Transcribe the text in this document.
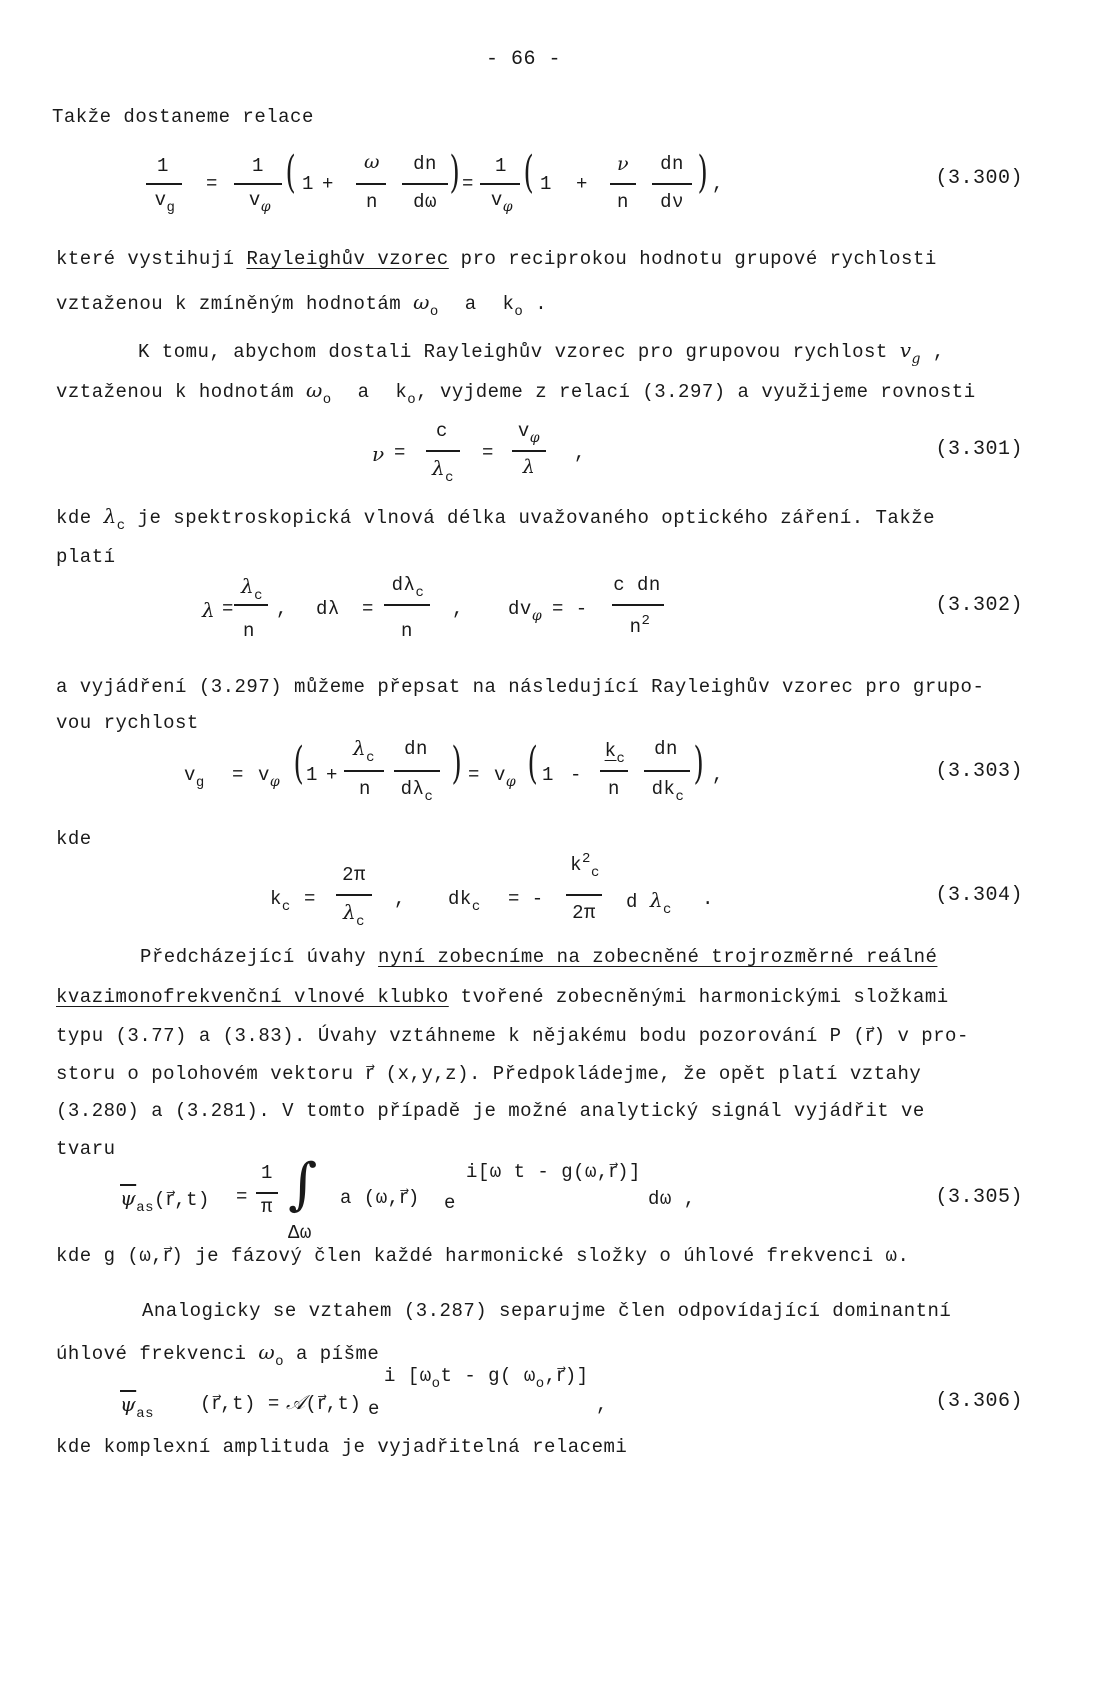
- 66 -
Takže dostaneme relace
1
$v_g$
=
1
$v_\varphi$
( 1 +
ω
n
dn
dω
) =
1
$v_\varphi$
( 1 +
ν
n
dn
dν
) ,	(3.300)
které vystihují Rayleighův vzorec pro reciprokou hodnotu grupové rychlosti
vztaženou k zmíněným hodnotám $\omega_o$ a $k_o$ .
K tomu, abychom dostali Rayleighův vzorec pro grupovou rychlost $v_g$ ,
vztaženou k hodnotám $\omega_o$ a $k_o$, vyjdeme z relací (3.297) a využijeme rovnosti
ν =
c
$\lambda_c$
=
$v_\varphi$
λ
,	(3.301)
kde $\lambda_c$ je spektroskopická vlnová délka uvažovaného optického záření. Takže
platí
λ =
$\lambda_c$
n
, dλ =
$d\lambda_c$
n
, $dv_\varphi$ = -
c dn
$n^2$
(3.302)
a vyjádření (3.297) můžeme přepsat na následující Rayleighův vzorec pro grupo-
vou rychlost
$v_g = v_\varphi$ ( 1 +
$\lambda_c$
n
dn
$d\lambda_c$
) = $v_\varphi$ ( 1 -
$k_c$
n
dn
$dk_c$
) ,	(3.303)
kde
$k_c$ =
2π
$\lambda_c$
, $dk_c$ = -
$k^2_c$
2π	d $\lambda_c$ .	(3.304)
Předcházející úvahy nyní zobecníme na zobecněné trojrozměrné reálné
kvazimonofrekvenční vlnové klubko tvořené zobecněnými harmonickými složkami
typu (3.77) a (3.83). Úvahy vztáhneme k nějakému bodu pozorování P (r⃗) v pro-
storu o polohovém vektoru r⃗ (x,y,z). Předpokládejme, že opět platí vztahy
(3.280) a (3.281). V tomto případě je možné analytický signál vyjádřit ve
tvaru
$\overline{\psi}_{as}(r⃗,t)$ =
1
π ∫
Δω
a (ω,r⃗) e
i[ω t - g(ω,r⃗)]
dω ,	(3.305)
kde g (ω,r⃗) je fázový člen každé harmonické složky o úhlové frekvenci ω.
Analogicky se vztahem (3.287) separujme člen odpovídající dominantní
úhlové frekvenci $\omega_o$ a píšme
$\overline{\psi}_{as}$ (r⃗,t) = 𝒜(r⃗,t) e
i [$\omega_ot - g$( $\omega_o,r⃗$)]
,	(3.306)
kde komplexní amplituda je vyjadřitelná relacemi
